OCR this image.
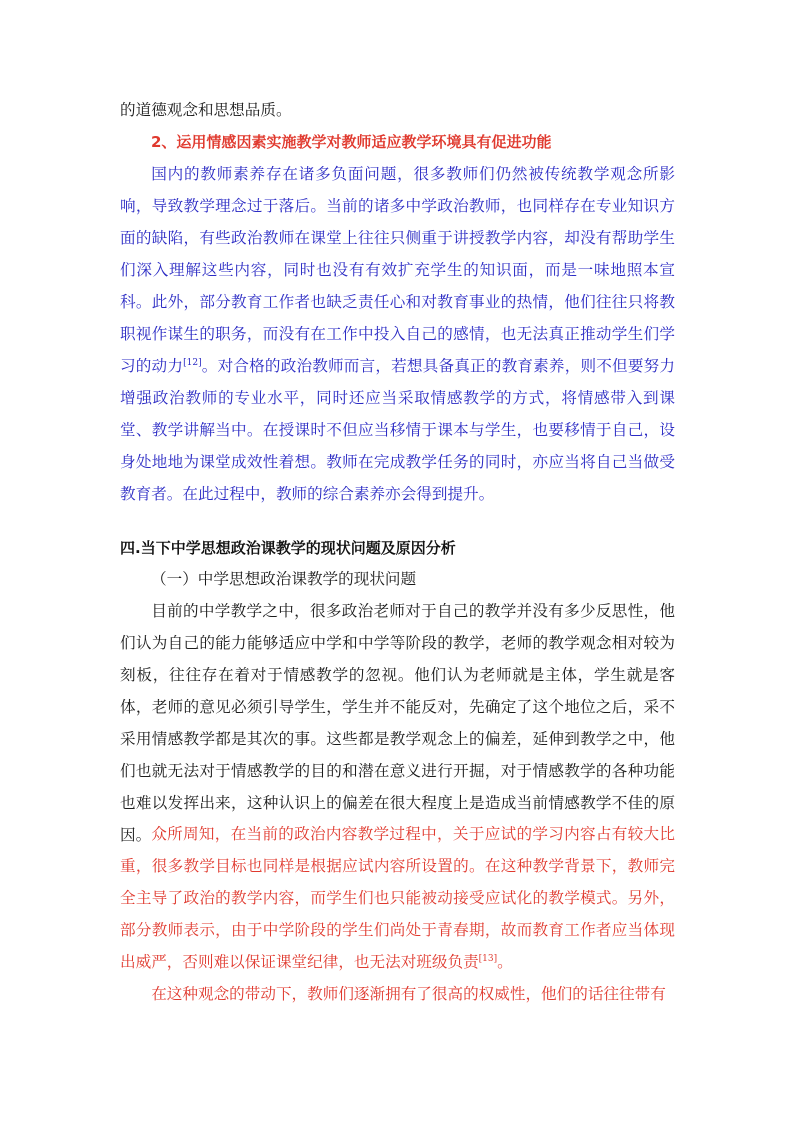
的道德观念和思想品质。

2、运用情感因素实施教学对教师适应教学环境具有促进功能

国内的教师素养存在诸多负面问题，很多教师们仍然被传统教学观念所影响，导致教学理念过于落后。当前的诸多中学政治教师，也同样存在专业知识方面的缺陷，有些政治教师在课堂上往往只侧重于讲授教学内容，却没有帮助学生们深入理解这些内容，同时也没有有效扩充学生的知识面，而是一味地照本宣科。此外，部分教育工作者也缺乏责任心和对教育事业的热情，他们往往只将教职视作谋生的职务，而没有在工作中投入自己的感情，也无法真正推动学生们学习的动力[12]。对合格的政治教师而言，若想具备真正的教育素养，则不但要努力增强政治教师的专业水平，同时还应当采取情感教学的方式，将情感带入到课堂、教学讲解当中。在授课时不但应当移情于课本与学生，也要移情于自己，设身处地地为课堂成效性着想。教师在完成教学任务的同时，亦应当将自己当做受教育者。在此过程中，教师的综合素养亦会得到提升。

四.当下中学思想政治课教学的现状问题及原因分析

（一）中学思想政治课教学的现状问题

目前的中学教学之中，很多政治老师对于自己的教学并没有多少反思性，他们认为自己的能力能够适应中学和中学等阶段的教学，老师的教学观念相对较为刻板，往往存在着对于情感教学的忽视。他们认为老师就是主体，学生就是客体，老师的意见必须引导学生，学生并不能反对，先确定了这个地位之后，采不采用情感教学都是其次的事。这些都是教学观念上的偏差，延伸到教学之中，他们也就无法对于情感教学的目的和潜在意义进行开掘，对于情感教学的各种功能也难以发挥出来，这种认识上的偏差在很大程度上是造成当前情感教学不佳的原因。 众所周知，在当前的政治内容教学过程中，关于应试的学习内容占有较大比重，很多教学目标也同样是根据应试内容所设置的。在这种教学背景下，教师完全主导了政治的教学内容，而学生们也只能被动接受应试化的教学模式。另外，部分教师表示，由于中学阶段的学生们尚处于青春期，故而教育工作者应当体现出威严，否则难以保证课堂纪律，也无法对班级负责[13]。

在这种观念的带动下，教师们逐渐拥有了很高的权威性，他们的话往往带有
